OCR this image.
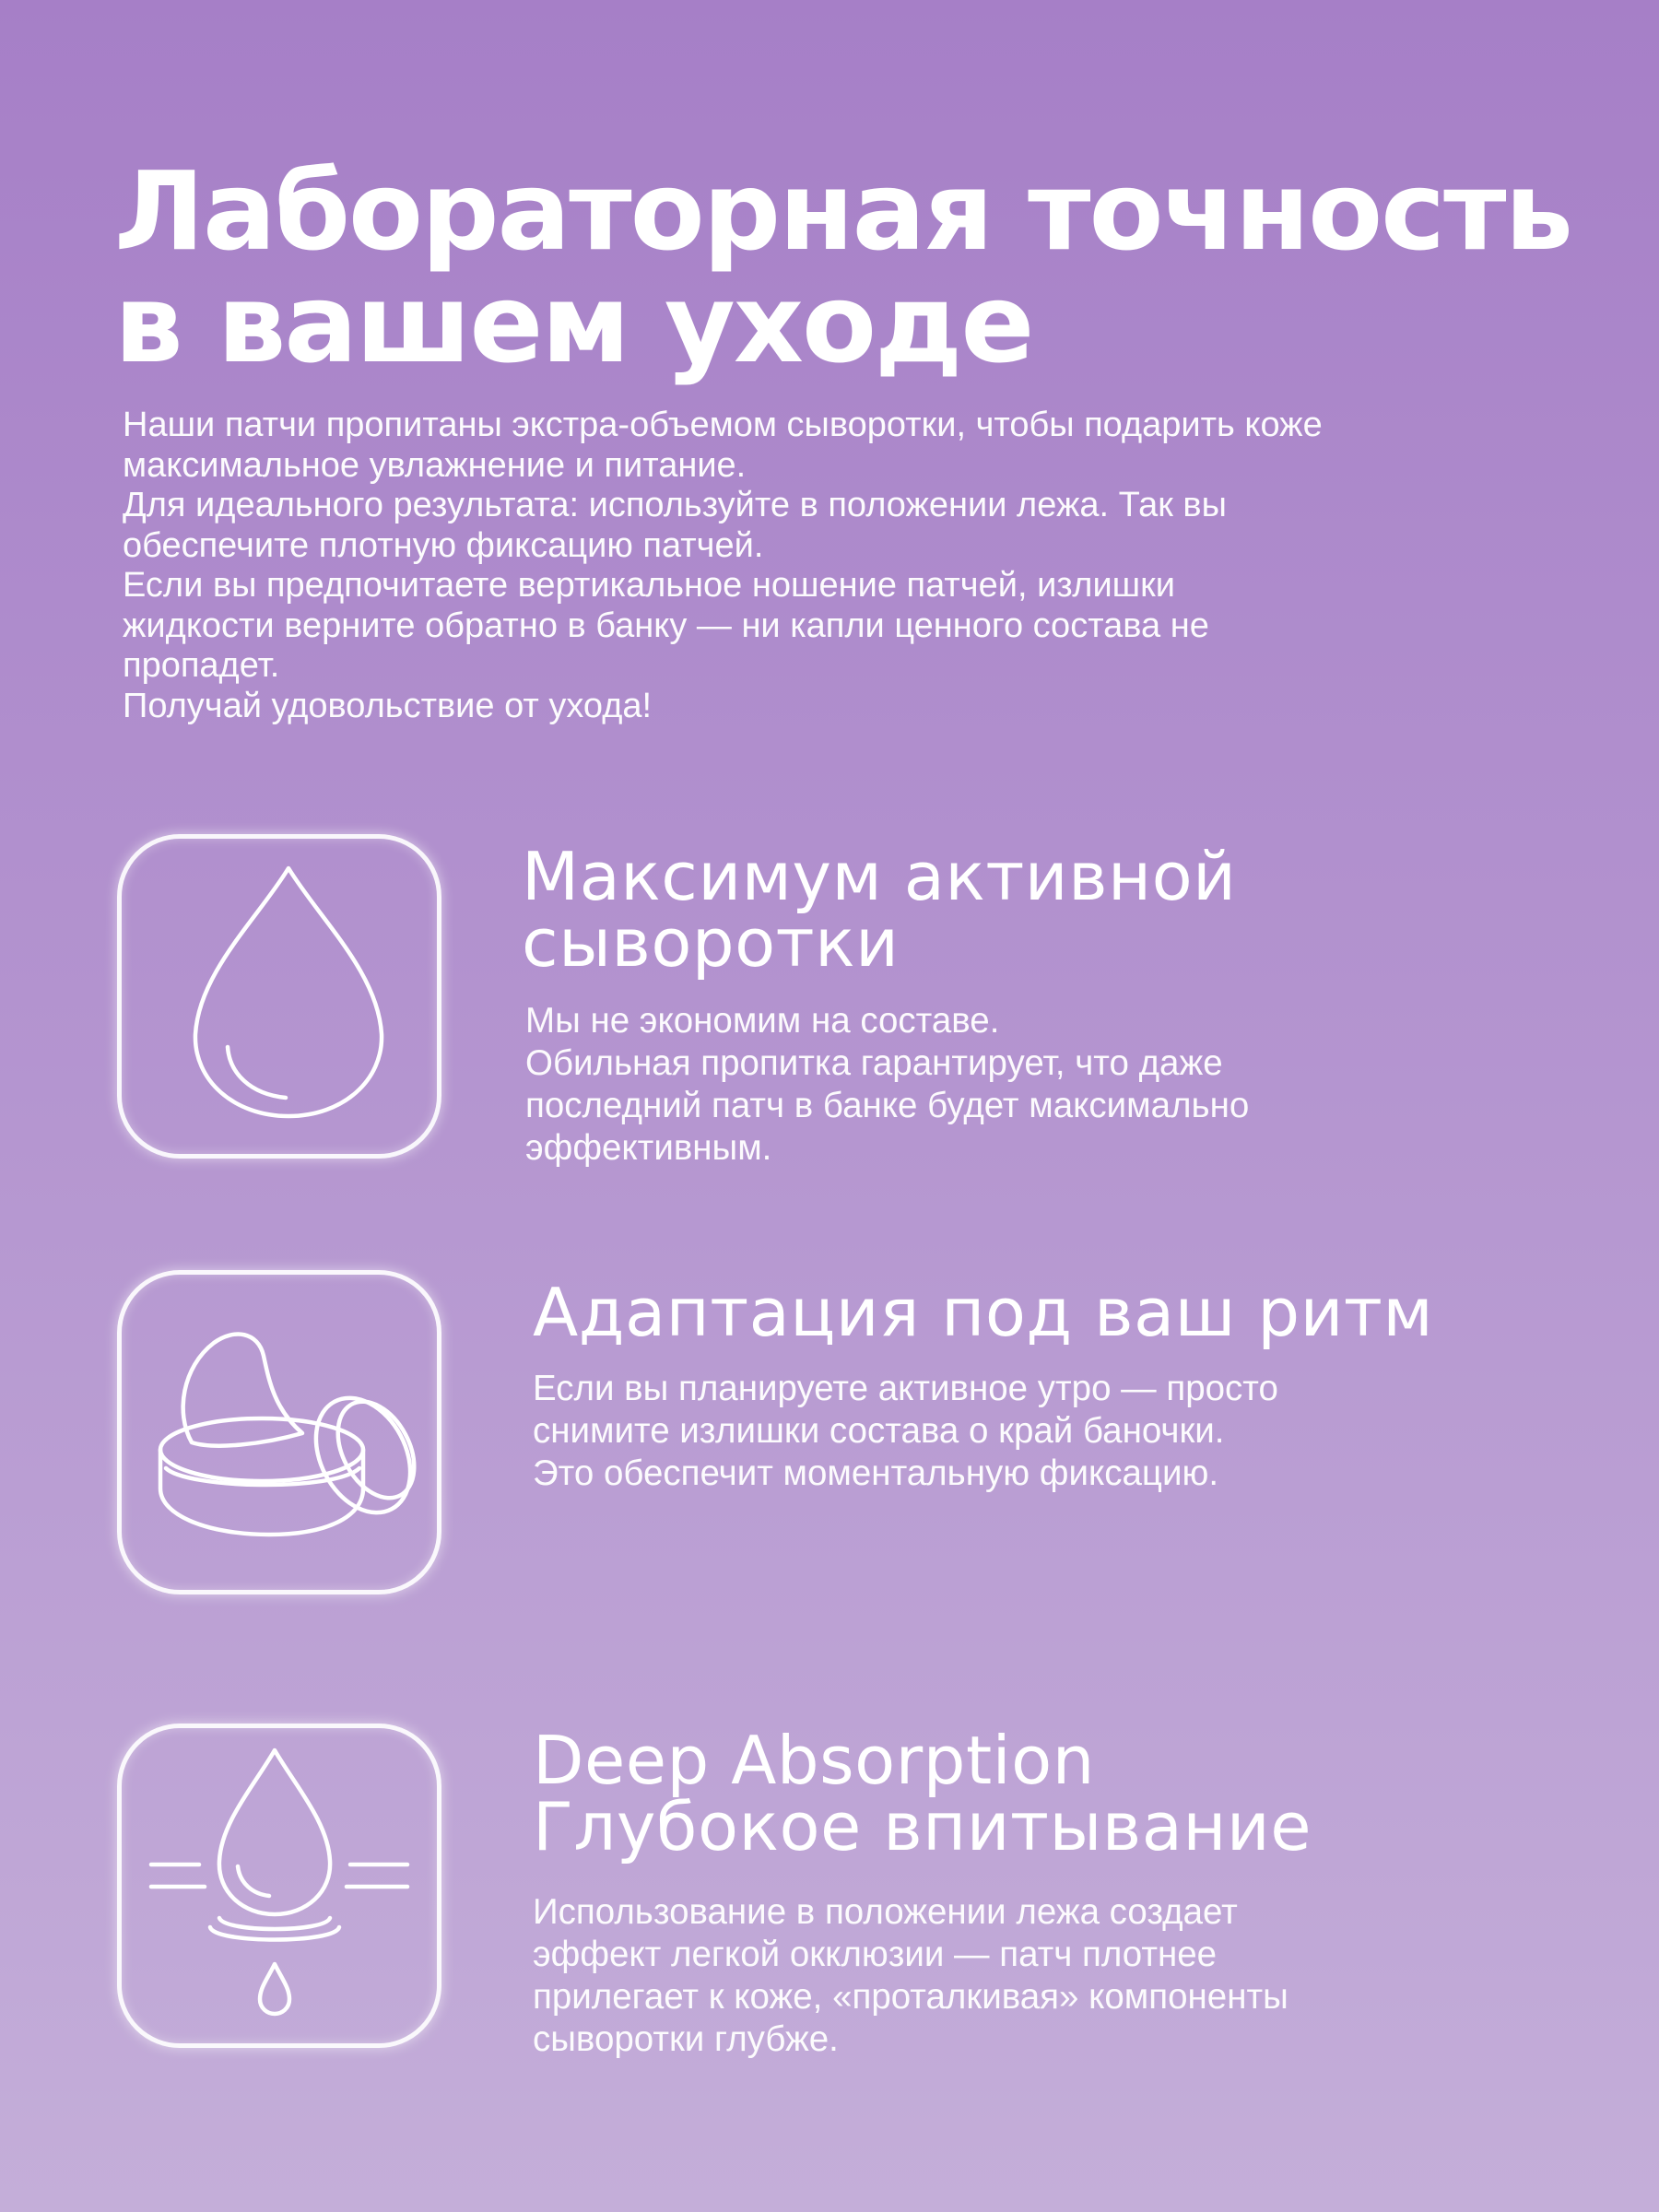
Лабораторная точность
в вашем уходе

Наши патчи пропитаны экстра-объемом сыворотки, чтобы подарить коже

максимальное увлажнение и питание.

Для идеального результата: используйте в положении лежа. Так вы

обеспечите плотную фиксацию патчей.

Если вы предпочитаете вертикальное ношение патчей, излишки

жидкости верните обратно в банку — ни капли ценного состава не

пропадет.

Получай удовольствие от ухода!

Максимум активной
сыворотки

Мы не экономим на составе.

Обильная пропитка гарантирует, что даже

последний патч в банке будет максимально

эффективным.

Адаптация под ваш ритм

Если вы планируете активное утро — просто

снимите излишки состава о край баночки.

Это обеспечит моментальную фиксацию.

Deep Absorption
Глубокое впитывание

Использование в положении лежа создает

эффект легкой окклюзии — патч плотнее

прилегает к коже, «проталкивая» компоненты

сыворотки глубже.
